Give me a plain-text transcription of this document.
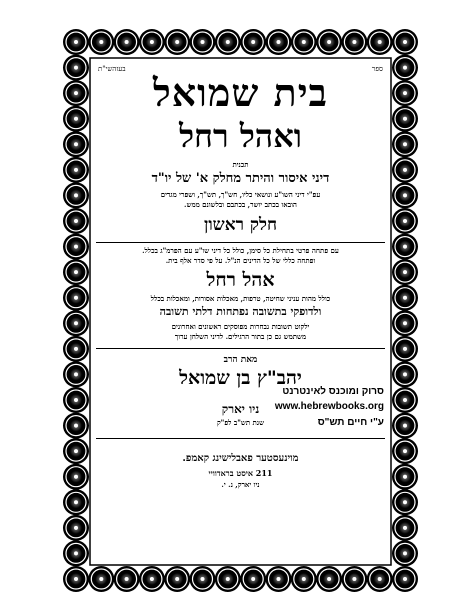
ספר
בעזהשי"ת
בית שמואל
ואהל רחל
תכנית
דיני איסור והיתר מחלק א' של יו"ד
עפ"י דיני השו"ע ונושאי כליו, חש"ך, תש"ך, ושפרי מגדים
הובאו בכתב יושר, בכתבם ובלשונם ממש.
חלק ראשון
עם פתחה פרטי בתחילת כל סימן, כולל כל דיני שו"ע עם הפרמ"ג בכלל.
ופתחה כללי של כל הדינים הנ"ל. על פי סדר אלף בית.
אהל רחל
כולל מהות עניני שחיטה, טרפות, מאכלות אסורות, ומאכלות בכלל
ולדופקי בתשובה נפתחות דלתי תשובה
ילקוט תשובות נבחרות מפוסקים ראשונים ואחרונים
משתמש גם כן בתור הרגילים. לדיני השלחן ערוך
מאת הרב
יהב"ץ בן שמואל
ניו יארק
שנת תש"ב לפ"ק
מוינעסטער פאבלישינג קאמפ.
211 איסט בראדוויי
ניו יארק, נ. י.
סרוק ומוכנס לאינטרנט
www.hebrewbooks.org
ע"י חיים תש"ס
